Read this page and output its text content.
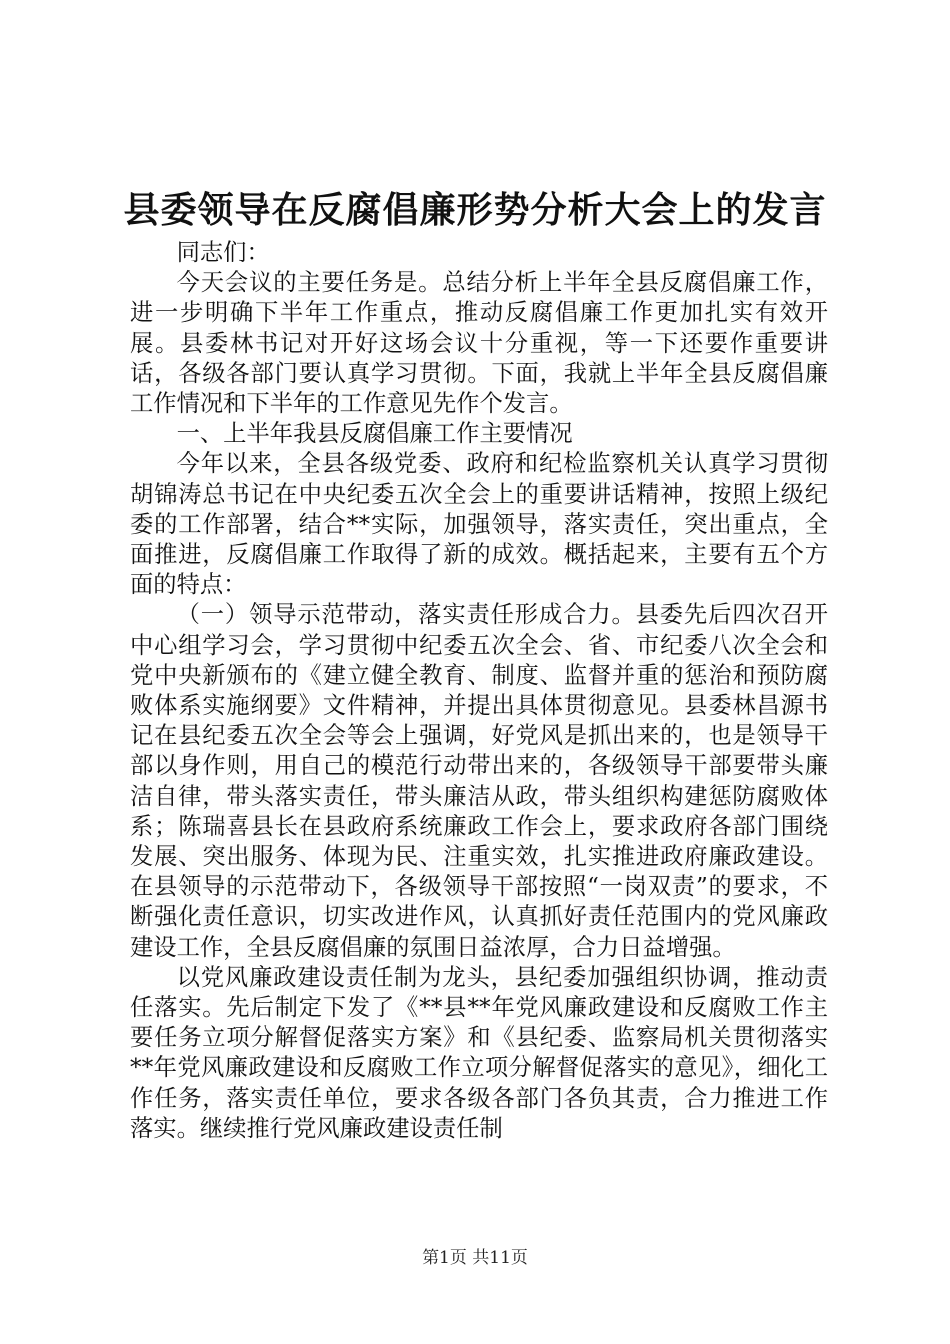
县委领导在反腐倡廉形势分析大会上的发言

同志们：

今天会议的主要任务是。总结分析上半年全县反腐倡廉工作，进一步明确下半年工作重点，推动反腐倡廉工作更加扎实有效开展。县委林书记对开好这场会议十分重视，等一下还要作重要讲话，各级各部门要认真学习贯彻。下面，我就上半年全县反腐倡廉工作情况和下半年的工作意见先作个发言。

一、上半年我县反腐倡廉工作主要情况

今年以来，全县各级党委、政府和纪检监察机关认真学习贯彻胡锦涛总书记在中央纪委五次全会上的重要讲话精神，按照上级纪委的工作部署，结合**实际，加强领导，落实责任，突出重点，全面推进，反腐倡廉工作取得了新的成效。概括起来，主要有五个方面的特点：

（一）领导示范带动，落实责任形成合力。县委先后四次召开中心组学习会，学习贯彻中纪委五次全会、省、市纪委八次全会和党中央新颁布的《建立健全教育、制度、监督并重的惩治和预防腐败体系实施纲要》文件精神，并提出具体贯彻意见。县委林昌源书记在县纪委五次全会等会上强调，好党风是抓出来的，也是领导干部以身作则，用自己的模范行动带出来的，各级领导干部要带头廉洁自律，带头落实责任，带头廉洁从政，带头组织构建惩防腐败体系；陈瑞喜县长在县政府系统廉政工作会上，要求政府各部门围绕发展、突出服务、体现为民、注重实效，扎实推进政府廉政建设。在县领导的示范带动下，各级领导干部按照“一岗双责”的要求，不断强化责任意识，切实改进作风，认真抓好责任范围内的党风廉政建设工作，全县反腐倡廉的氛围日益浓厚，合力日益增强。

以党风廉政建设责任制为龙头，县纪委加强组织协调，推动责任落实。先后制定下发了《**县**年党风廉政建设和反腐败工作主要任务立项分解督促落实方案》和《县纪委、监察局机关贯彻落实**年党风廉政建设和反腐败工作立项分解督促落实的意见》，细化工作任务，落实责任单位，要求各级各部门各负其责，合力推进工作落实。继续推行党风廉政建设责任制

第1页 共11页
